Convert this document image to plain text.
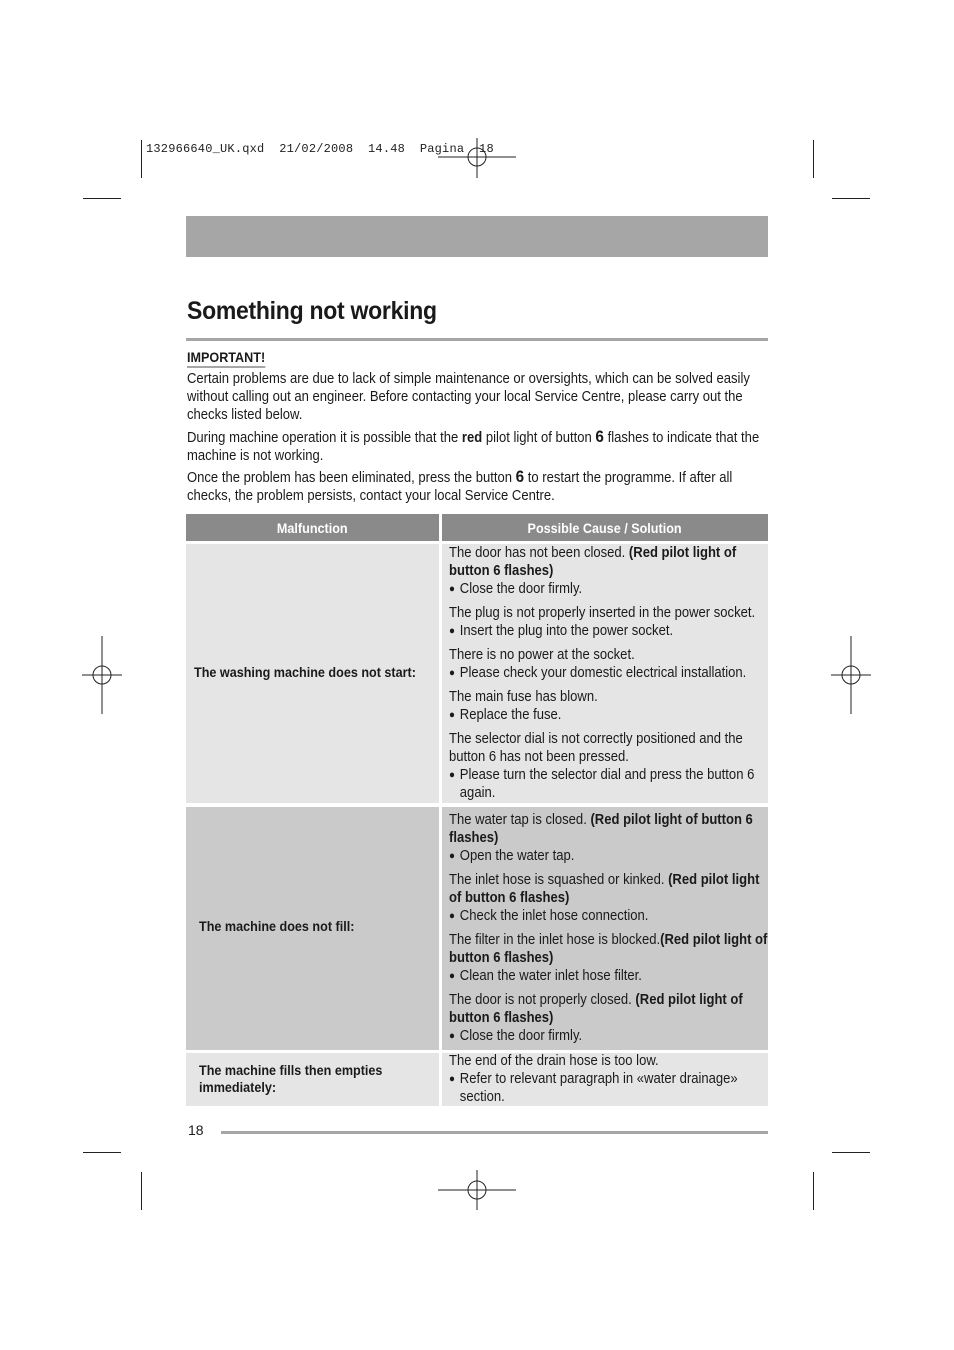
132966640_UK.qxd  21/02/2008  14.48  Pagina  18
Something not working
IMPORTANT!
Certain problems are due to lack of simple maintenance or oversights, which can be solved easily without calling out an engineer. Before contacting your local Service Centre, please carry out the checks listed below.
During machine operation it is possible that the red pilot light of button 6 flashes to indicate that the machine is not working.
Once the problem has been eliminated, press the button 6 to restart the programme. If after all checks, the problem persists, contact your local Service Centre.
Malfunction	Possible Cause / Solution
The washing machine does not start:
The door has not been closed. (Red pilot light of button 6 flashes)
● Close the door firmly.
The plug is not properly inserted in the power socket.
● Insert the plug into the power socket.
There is no power at the socket.
● Please check your domestic electrical installation.
The main fuse has blown.
● Replace the fuse.
The selector dial is not correctly positioned and the button 6 has not been pressed.
● Please turn the selector dial and press the button 6 again.
The machine does not fill:
The water tap is closed. (Red pilot light of button 6 flashes)
● Open the water tap.
The inlet hose is squashed or kinked. (Red pilot light of button 6 flashes)
● Check the inlet hose connection.
The filter in the inlet hose is blocked.(Red pilot light of button 6 flashes)
● Clean the water inlet hose filter.
The door is not properly closed. (Red pilot light of button 6 flashes)
● Close the door firmly.
The machine fills then empties immediately:
The end of the drain hose is too low.
● Refer to relevant paragraph in «water drainage» section.
18
